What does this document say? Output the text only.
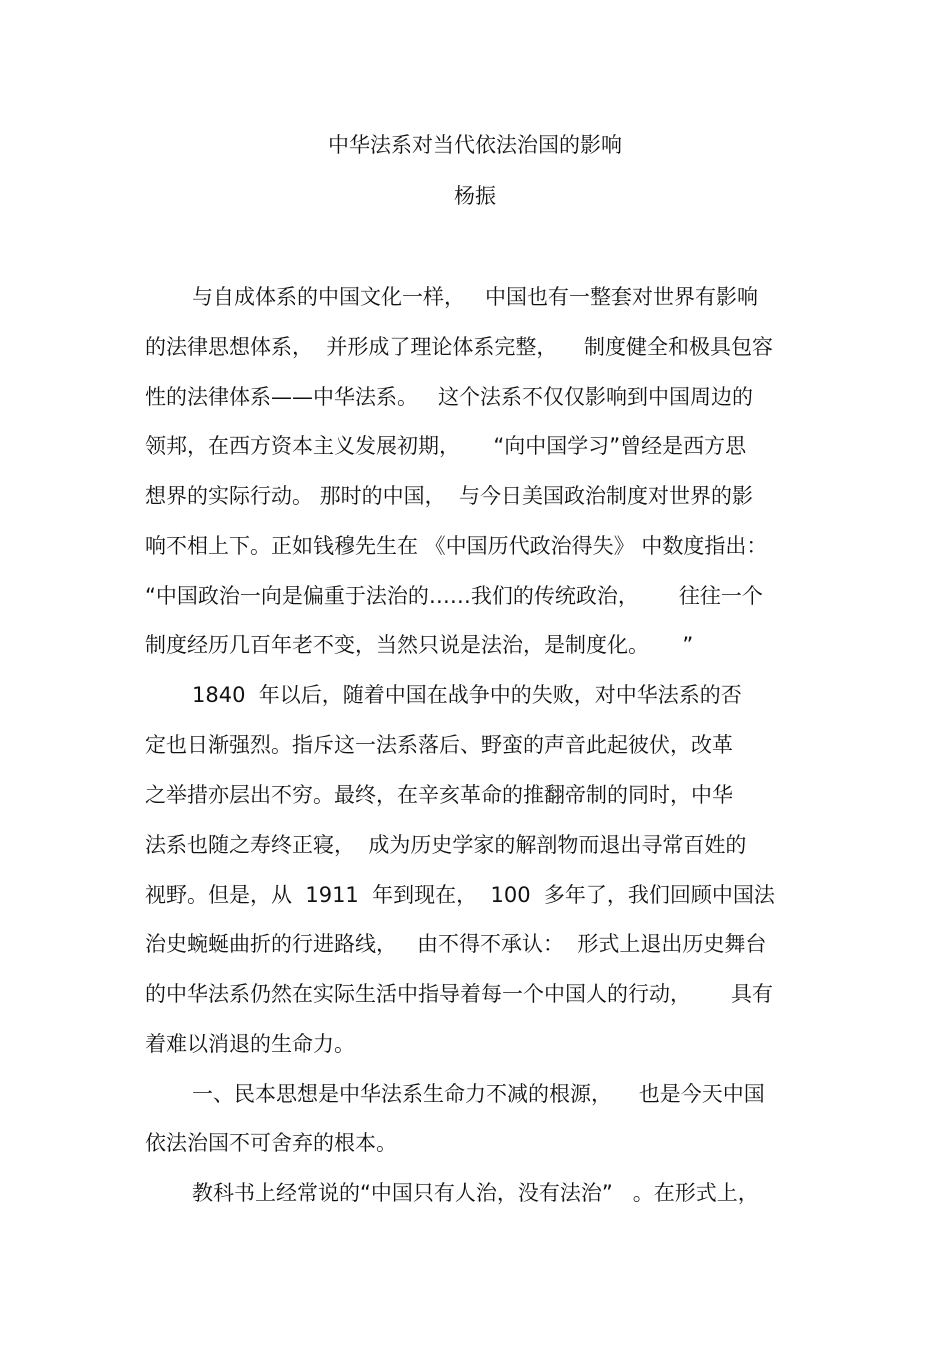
中华法系对当代依法治国的影响
杨振
与自成体系的中国文化一样，   中国也有一整套对世界有影响
的法律思想体系，  并形成了理论体系完整，    制度健全和极具包容
性的法律体系——中华法系。   这个法系不仅仅影响到中国周边的
领邦，在西方资本主义发展初期，     “向中国学习”曾经是西方思
想界的实际行动。 那时的中国，  与今日美国政治制度对世界的影
响不相上下。正如钱穆先生在 《中国历代政治得失》 中数度指出：
“中国政治一向是偏重于法治的……我们的传统政治，      往往一个
制度经历几百年老不变，当然只说是法治，是制度化。     ”
1840  年以后，随着中国在战争中的失败，对中华法系的否
定也日渐强烈。指斥这一法系落后、野蛮的声音此起彼伏，改革
之举措亦层出不穷。最终，在辛亥革命的推翻帝制的同时，中华
法系也随之寿终正寝，  成为历史学家的解剖物而退出寻常百姓的
视野。但是，从  1911  年到现在，  100  多年了，我们回顾中国法
治史蜿蜒曲折的行进路线，   由不得不承认：  形式上退出历史舞台
的中华法系仍然在实际生活中指导着每一个中国人的行动，      具有
着难以消退的生命力。
一、民本思想是中华法系生命力不减的根源，    也是今天中国
依法治国不可舍弃的根本。
教科书上经常说的“中国只有人治，没有法治”   。在形式上，
